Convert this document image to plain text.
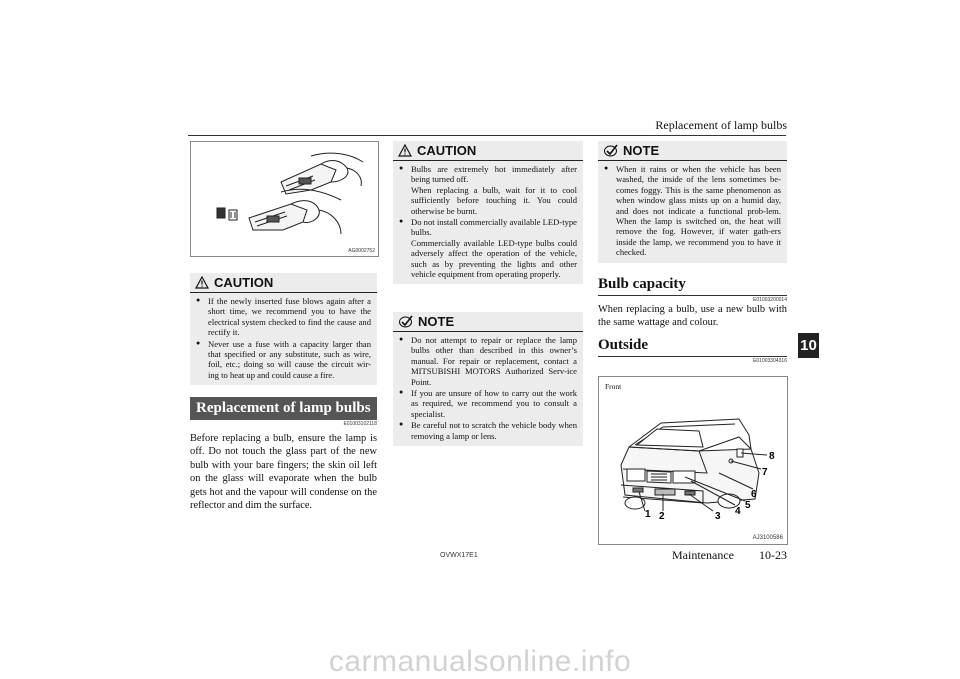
Replacement of lamp bulbs
10
AG0002752
CAUTION
● If the newly inserted fuse blows again after a short time, we recommend you to have the electrical system checked to find the cause and rectify it.
● Never use a fuse with a capacity larger than that specified or any substitute, such as wire, foil, etc.; doing so will cause the circuit wir-ing to heat up and could cause a fire.
Replacement of lamp bulbs
E01003102118
Before replacing a bulb, ensure the lamp is off. Do not touch the glass part of the new bulb with your bare fingers; the skin oil left on the glass will evaporate when the bulb gets hot and the vapour will condense on the reflector and dim the surface.
CAUTION
● Bulbs are extremely hot immediately after being turned off.

When replacing a bulb, wait for it to cool sufficiently before touching it. You could otherwise be burnt.

● Do not install commercially available LED-type bulbs.

Commercially available LED-type bulbs could adversely affect the operation of the vehicle, such as by preventing the lights and other vehicle equipment from operating properly.

NOTE
● Do not attempt to repair or replace the lamp bulbs other than described in this owner’s manual. For repair or replacement, contact a MITSUBISHI MOTORS Authorized Serv-ice Point.
● If you are unsure of how to carry out the work as required, we recommend you to consult a specialist.
● Be careful not to scratch the vehicle body when removing a lamp or lens.
NOTE
● When it rains or when the vehicle has been washed, the inside of the lens sometimes be-comes foggy. This is the same phenomenon as when window glass mists up on a humid day, and does not indicate a functional prob-lem. When the lamp is switched on, the heat will remove the fog. However, if water gath-ers inside the lamp, we recommend you to have it checked.
Bulb capacity
E01003200014
When replacing a bulb, use a new bulb with the same wattage and colour.
Outside
E01003304316
Front
1 2	3 4
5
6
7
8
AJ3100586
OVWX17E1	Maintenance 10-23
carmanualsonline.info
